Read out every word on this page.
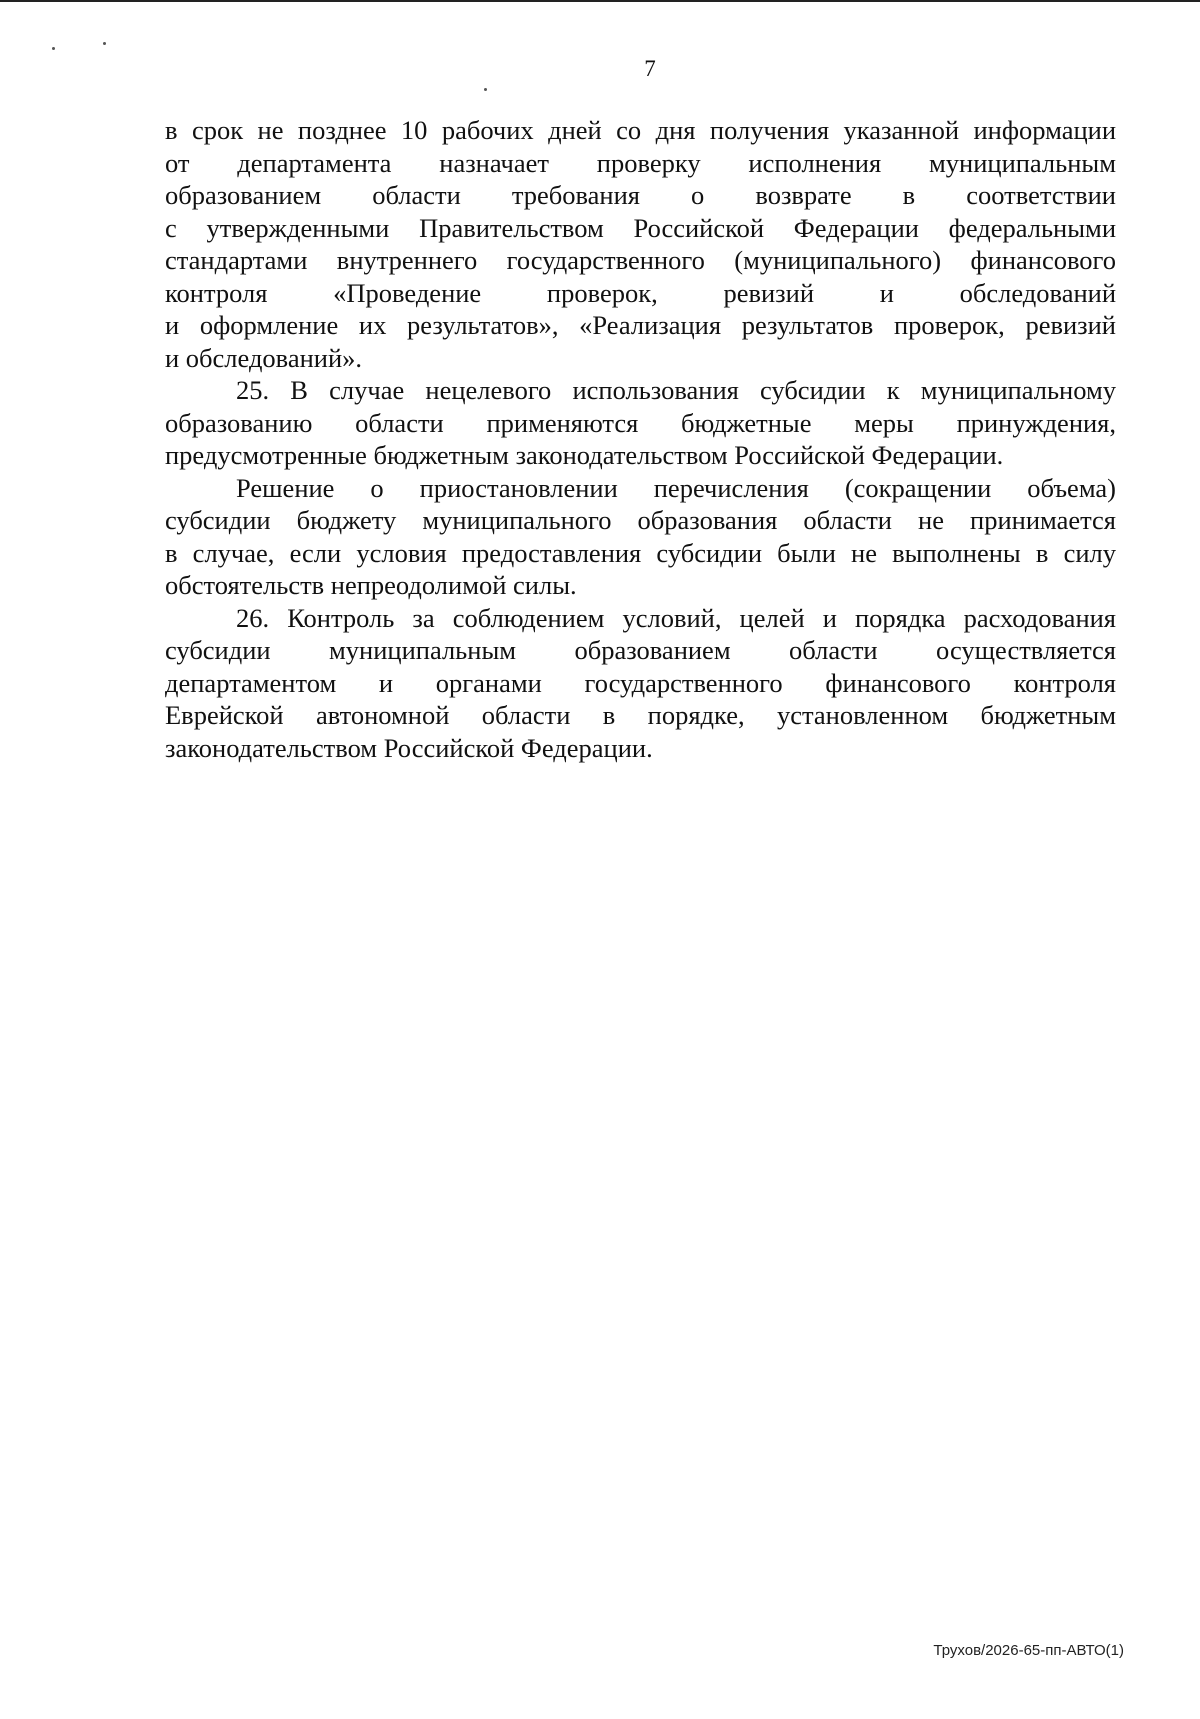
7

в срок не позднее 10 рабочих дней со дня получения указанной информации
от департамента назначает проверку исполнения муниципальным
образованием области требования о возврате в соответствии
с утвержденными Правительством Российской Федерации федеральными
стандартами внутреннего государственного (муниципального) финансового
контроля «Проведение проверок, ревизий и обследований
и оформление их результатов», «Реализация результатов проверок, ревизий
и обследований».

25. В случае нецелевого использования субсидии к муниципальному
образованию области применяются бюджетные меры принуждения,
предусмотренные бюджетным законодательством Российской Федерации.

Решение о приостановлении перечисления (сокращении объема)
субсидии бюджету муниципального образования области не принимается
в случае, если условия предоставления субсидии были не выполнены в силу
обстоятельств непреодолимой силы.

26. Контроль за соблюдением условий, целей и порядка расходования
субсидии муниципальным образованием области осуществляется
департаментом и органами государственного финансового контроля
Еврейской автономной области в порядке, установленном бюджетным
законодательством Российской Федерации.

Трухов/2026-65-пп-АВТО(1)
